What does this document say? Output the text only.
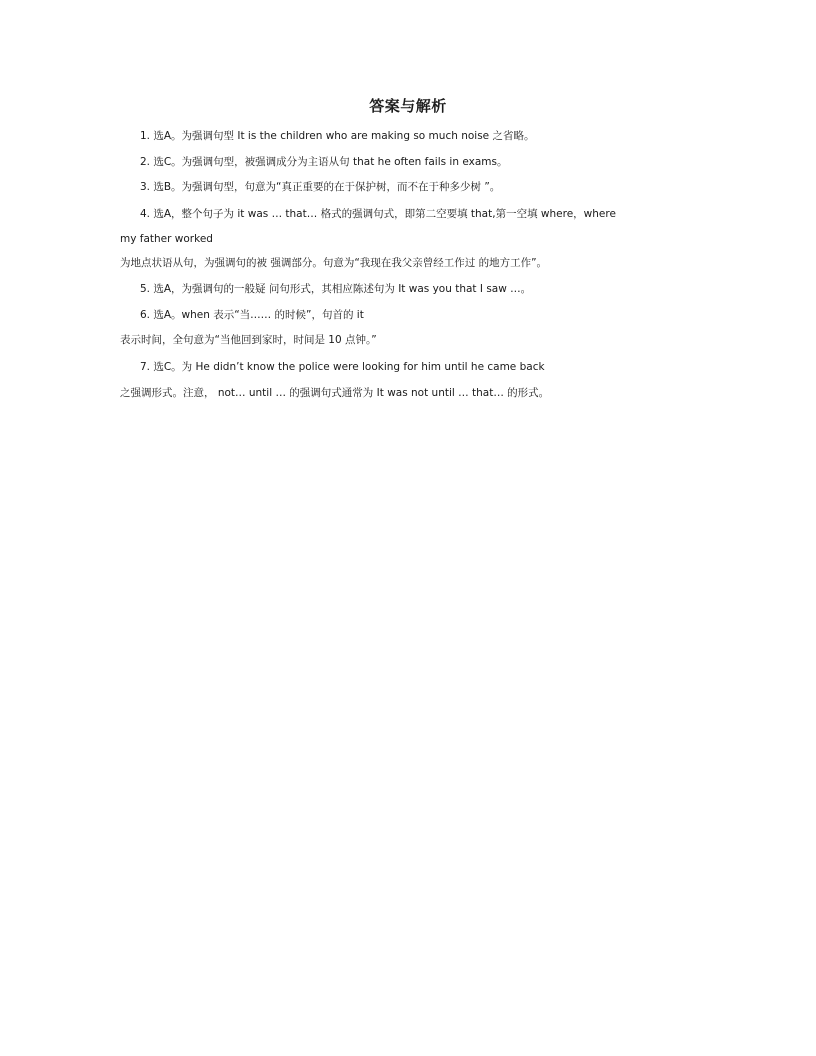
答案与解析
1. 选A。为强调句型 It is the children who are making so much noise 之省略。
2. 选C。为强调句型，被强调成分为主语从句 that he often fails in exams。
3. 选B。为强调句型，句意为“真正重要的在于保护树，而不在于种多少树 ”。
4. 选A，整个句子为 it was … that… 格式的强调句式，即第二空要填 that,第一空填 where，where
my father worked
为地点状语从句，为强调句的被 强调部分。句意为“我现在我父亲曾经工作过 的地方工作”。
5. 选A，为强调句的一般疑 问句形式，其相应陈述句为 It was you that I saw …。
6. 选A。when 表示“当…… 的时候”，句首的 it
表示时间，全句意为“当他回到家时，时间是 10 点钟。”
7. 选C。为 He didn’t know the police were looking for him until he came back
之强调形式。注意， not… until … 的强调句式通常为 It was not until … that… 的形式。
